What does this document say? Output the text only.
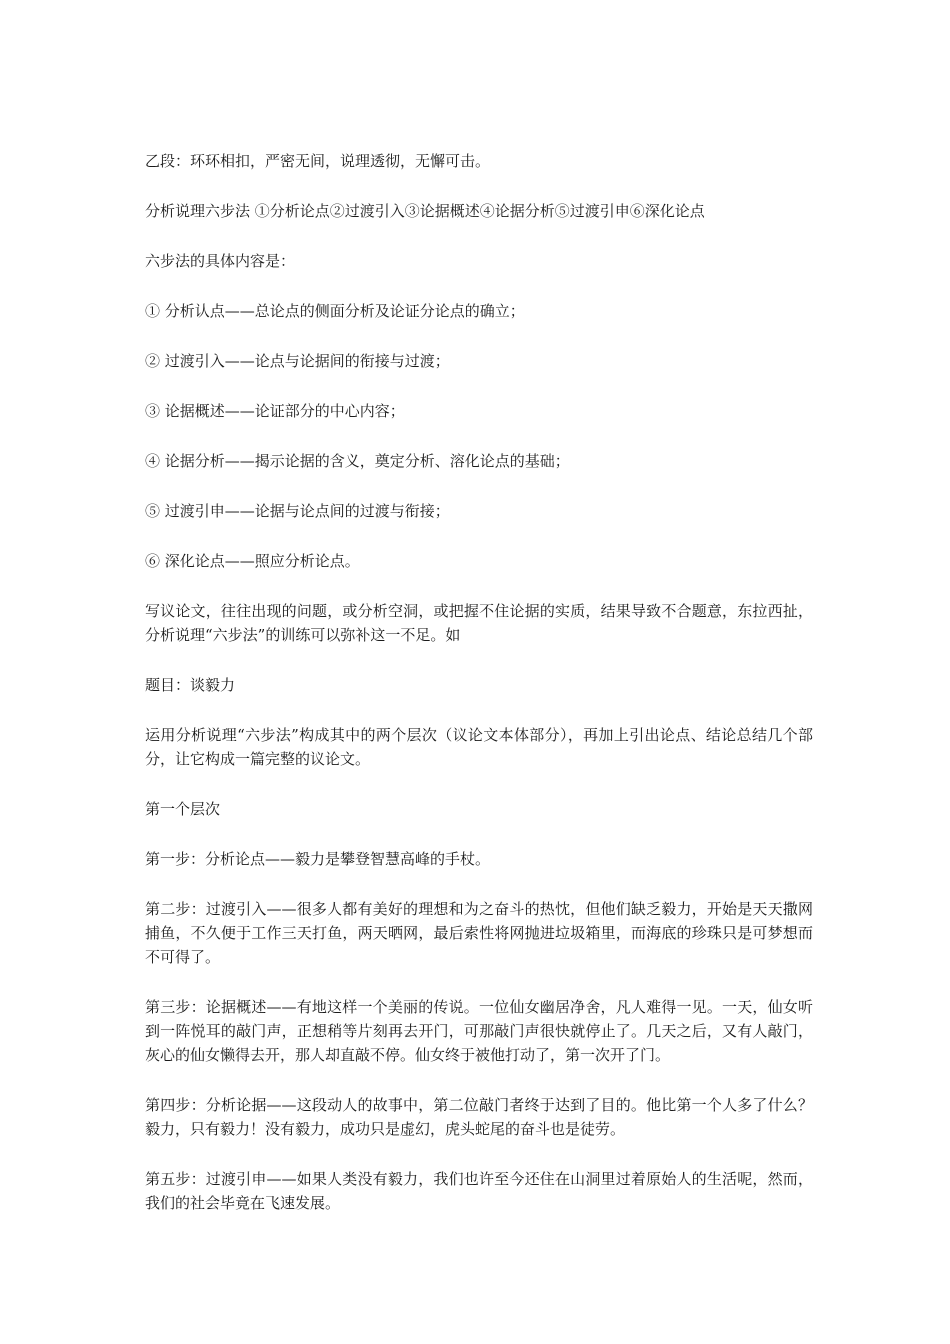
乙段：环环相扣，严密无间，说理透彻，无懈可击。

分析说理六步法 ①分析论点②过渡引入③论据概述④论据分析⑤过渡引申⑥深化论点

六步法的具体内容是：

① 分析认点——总论点的侧面分析及论证分论点的确立；

② 过渡引入——论点与论据间的衔接与过渡；

③ 论据概述——论证部分的中心内容；

④ 论据分析——揭示论据的含义，奠定分析、溶化论点的基础；

⑤ 过渡引申——论据与论点间的过渡与衔接；

⑥ 深化论点——照应分析论点。

写议论文，往往出现的问题，或分析空洞，或把握不住论据的实质，结果导致不合题意，东拉西扯，分析说理“六步法”的训练可以弥补这一不足。如

题目：谈毅力

运用分析说理“六步法”构成其中的两个层次（议论文本体部分），再加上引出论点、结论总结几个部分，让它构成一篇完整的议论文。

第一个层次

第一步：分析论点——毅力是攀登智慧高峰的手杖。

第二步：过渡引入——很多人都有美好的理想和为之奋斗的热忱，但他们缺乏毅力，开始是天天撒网捕鱼，不久便于工作三天打鱼，两天晒网，最后索性将网抛进垃圾箱里，而海底的珍珠只是可梦想而不可得了。

第三步：论据概述——有地这样一个美丽的传说。一位仙女幽居净舍，凡人难得一见。一天，仙女听到一阵悦耳的敲门声，正想稍等片刻再去开门，可那敲门声很快就停止了。几天之后，又有人敲门，灰心的仙女懒得去开，那人却直敲不停。仙女终于被他打动了，第一次开了门。

第四步：分析论据——这段动人的故事中，第二位敲门者终于达到了目的。他比第一个人多了什么？毅力，只有毅力！没有毅力，成功只是虚幻，虎头蛇尾的奋斗也是徒劳。

第五步：过渡引申——如果人类没有毅力，我们也许至今还住在山洞里过着原始人的生活呢，然而，我们的社会毕竟在飞速发展。
